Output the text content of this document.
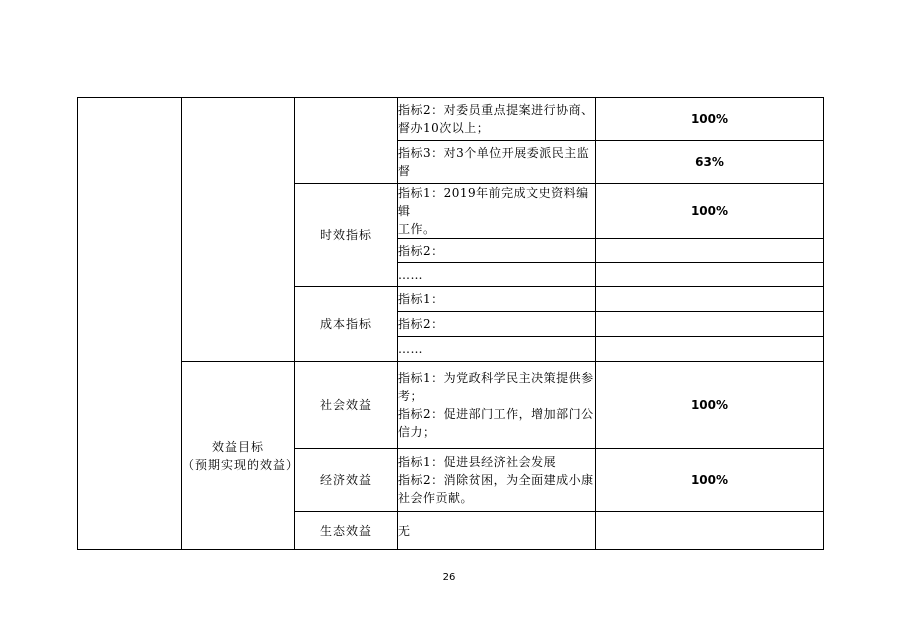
			指标2：对委员重点提案进行协商、
督办10次以上；	100%

			指标3：对3个单位开展委派民主监
督	63%
		时效指标	指标1：2019年前完成文史资料编辑
工作。	100%
			指标2：	
			……	
		成本指标	指标1：	
			指标2：	
			……	

	效益目标
（预期实现的效益）	社会效益	指标1：为党政科学民主决策提供参
考；
指标2：促进部门工作，增加部门公
信力；	100%
		经济效益	指标1：促进县经济社会发展
指标2：消除贫困，为全面建成小康
社会作贡献。	100%
		生态效益	无	
26
